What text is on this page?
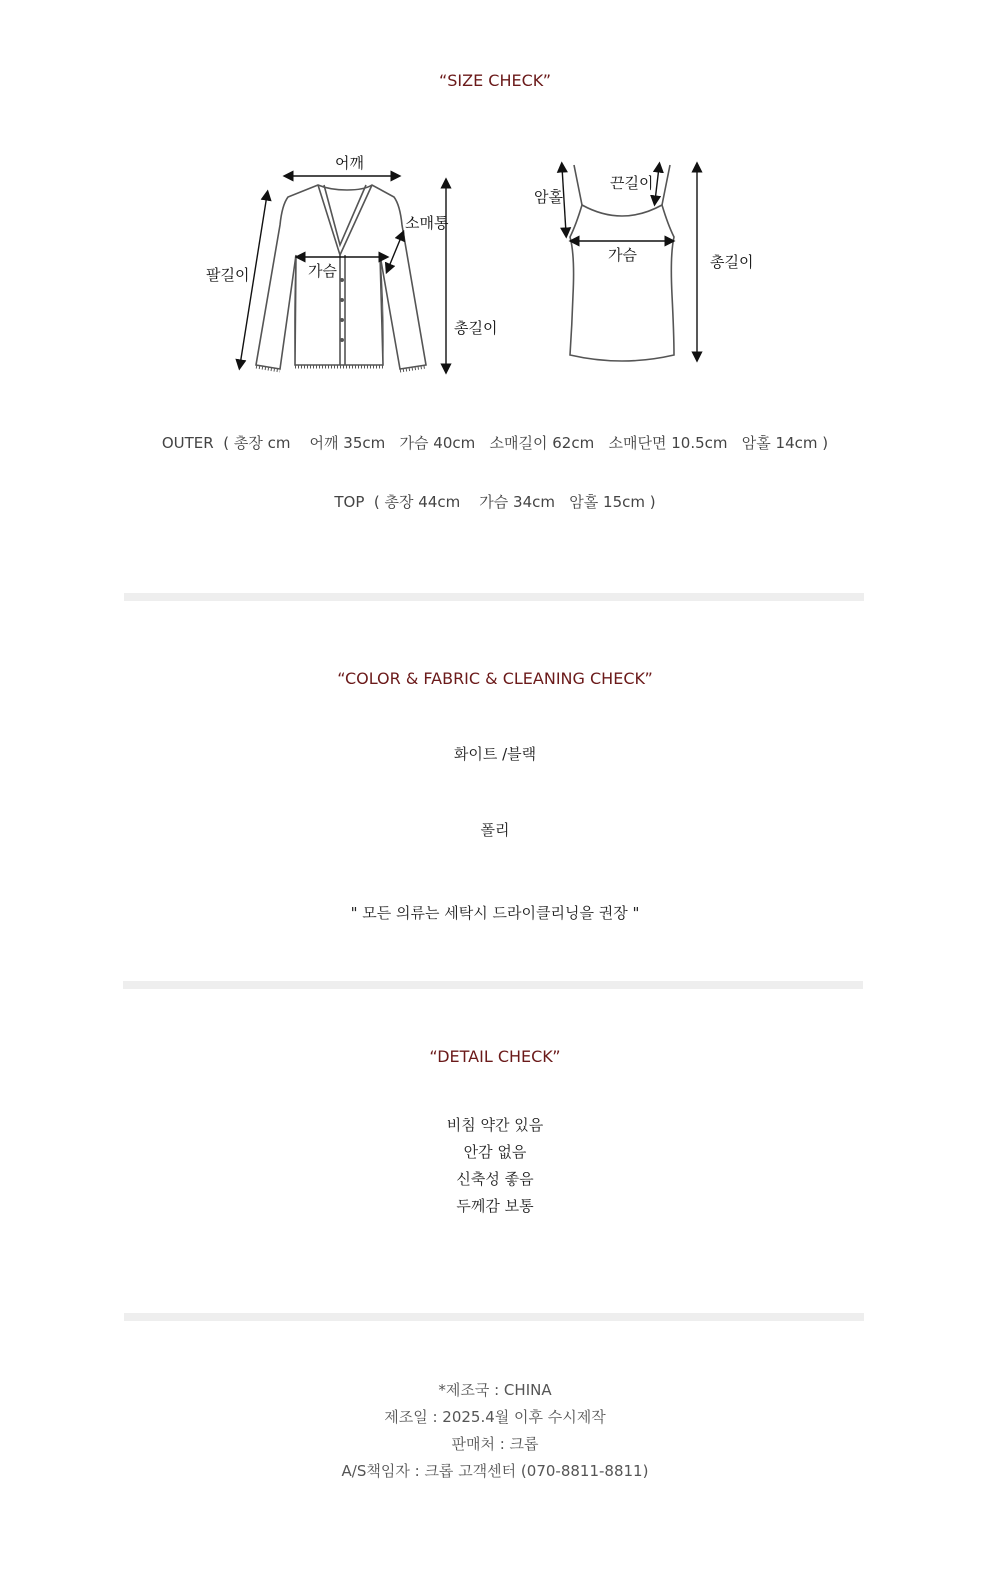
“SIZE CHECK”
어깨
소매통
팔길이	가슴
총길이
암홀
끈길이
가슴	총길이
OUTER  ( 총장 cm    어깨 35cm   가슴 40cm   소매길이 62cm   소매단면 10.5cm   암홀 14cm )
TOP  ( 총장 44cm    가슴 34cm   암홀 15cm )
“COLOR & FABRIC & CLEANING CHECK”
화이트 /블랙
폴리
" 모든 의류는 세탁시 드라이클리닝을 권장 "
“DETAIL CHECK”
비침 약간 있음
안감 없음
신축성 좋음
두께감 보통
*제조국 : CHINA
제조일 : 2025.4월 이후 수시제작
판매처 : 크롭
A/S책임자 : 크롭 고객센터 (070-8811-8811)
